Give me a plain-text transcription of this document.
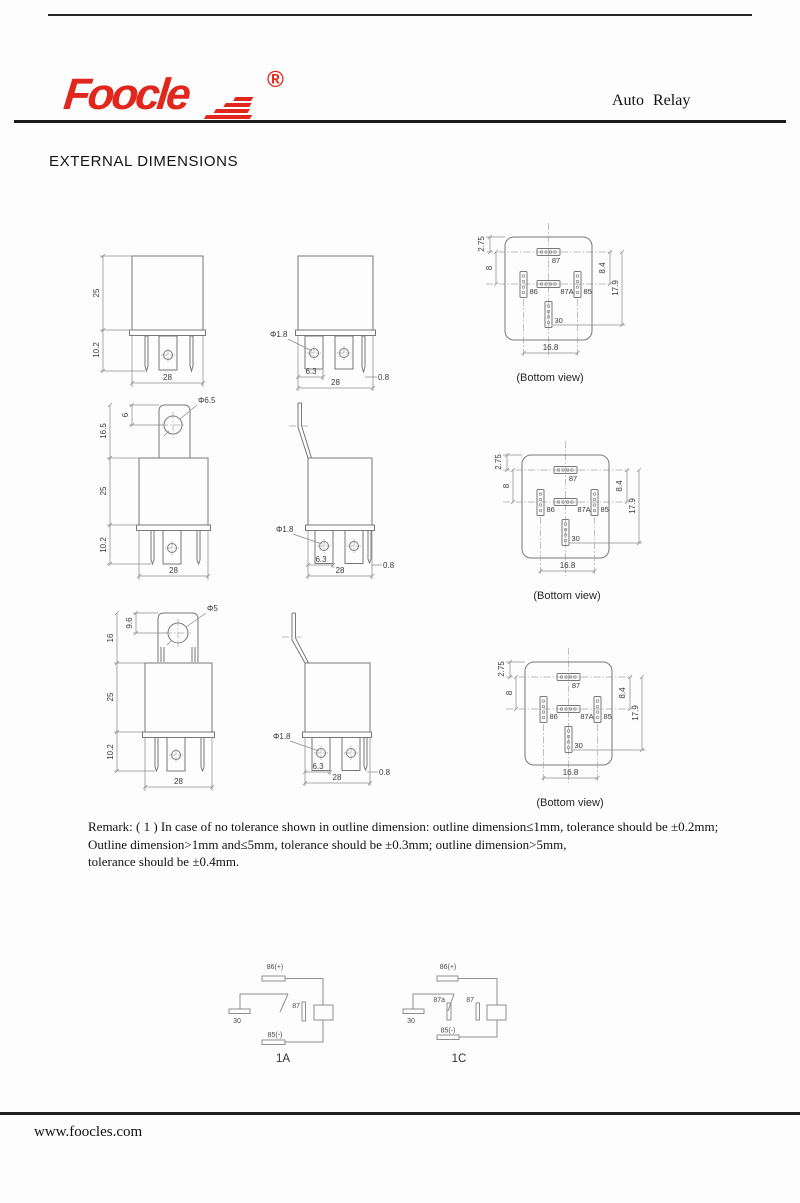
Foocle	®
Auto Relay
EXTERNAL DIMENSIONS
25
10.2
28
Φ1.8
6.3
28
0.8
87
87A
86	85
30
2.75
8	8.4
17.9
16.8
(Bottom view)
Φ6.5
6
16.5
25
10.2
28
Φ1.8
6.3
28
0.8
87
87A
86	85
30
2.75
8	8.4
17.9
16.8
(Bottom view)
Φ5
9.6
16
25
10.2
28
Φ1.8
6.3
28
0.8
87
87A
86	85
30
2.75
8	8.4
17.9
16.8
(Bottom view)
Remark: ( 1 ) In case of no tolerance shown in outline dimension: outline dimension≤1mm, tolerance should be ±0.2mm;
Outline dimension>1mm and≤5mm, tolerance should be ±0.3mm; outline dimension>5mm,
tolerance should be ±0.4mm.
86(+)
30
87
85(-)
1A
86(+)
30
87a	87
85(-)
1C
www.foocles.com
